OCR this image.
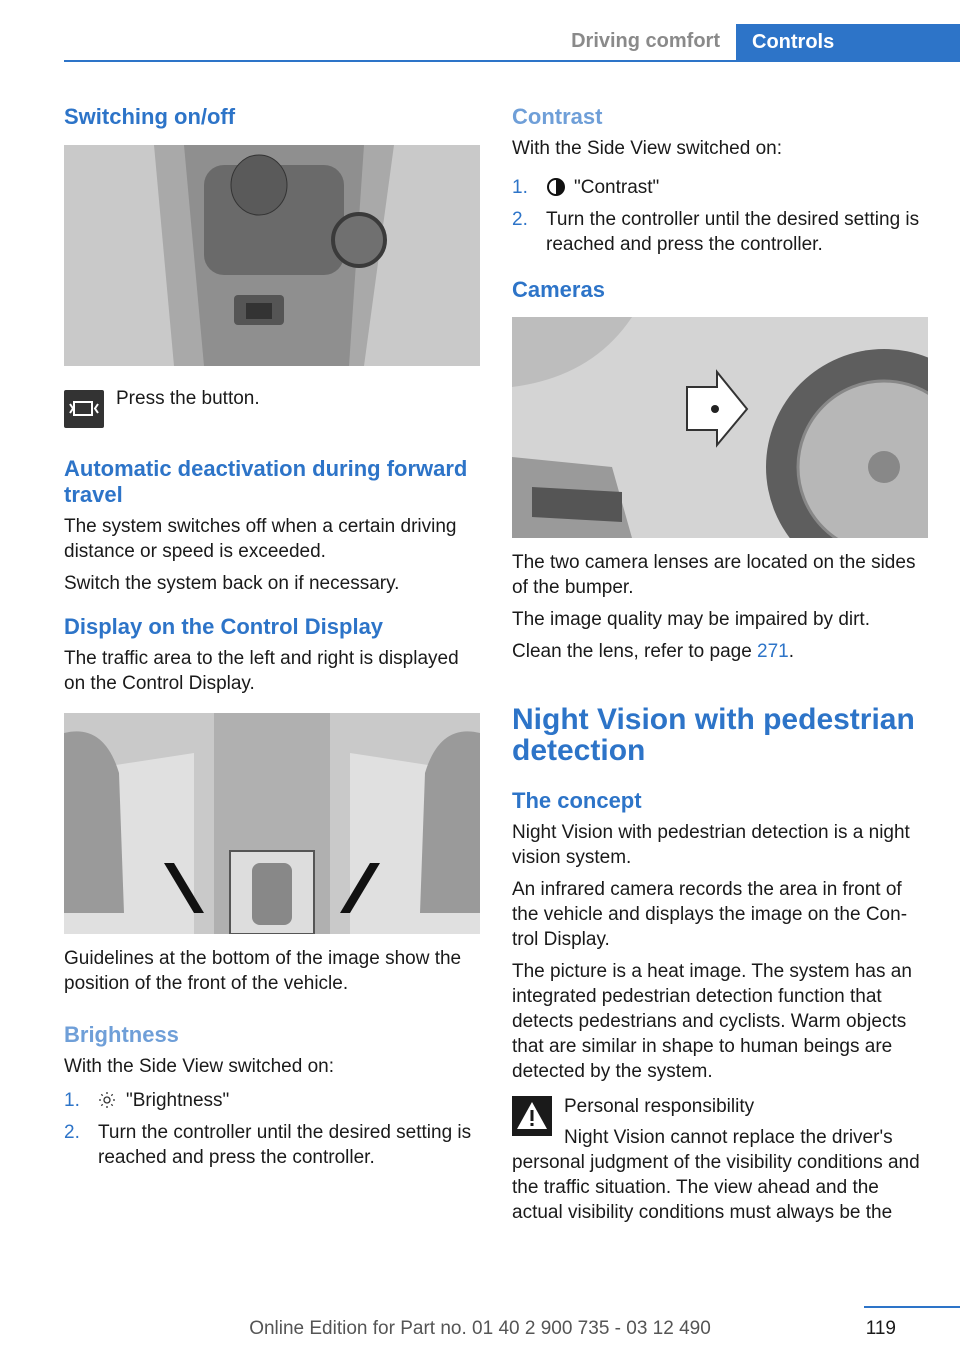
Driving comfort	Controls
Switching on/off

Press the button.

Automatic deactivation during forward travel

The system switches off when a certain driving distance or speed is exceeded.

Switch the system back on if necessary.

Display on the Control Display

The traffic area to the left and right is displayed on the Control Display.

Guidelines at the bottom of the image show the position of the front of the vehicle.

Brightness

With the Side View switched on:

1.	"Brightness"
2. Turn the controller until the desired setting is reached and press the controller.
Contrast

With the Side View switched on:

1.	"Contrast"
2. Turn the controller until the desired setting is reached and press the controller.
Cameras

The two camera lenses are located on the sides of the bumper.

The image quality may be impaired by dirt.

Clean the lens, refer to page 271.

Night Vision with pedestrian detection
The concept

Night Vision with pedestrian detection is a night vision system.

An infrared camera records the area in front of the vehicle and displays the image on the Con-trol Display.

The picture is a heat image. The system has an integrated pedestrian detection function that detects pedestrians and cyclists. Warm objects that are similar in shape to human beings are detected by the system.

Personal responsibility

Night Vision cannot replace the driver's

personal judgment of the visibility conditions and the traffic situation. The view ahead and the actual visibility conditions must always be the

119
Online Edition for Part no. 01 40 2 900 735 - 03 12 490
